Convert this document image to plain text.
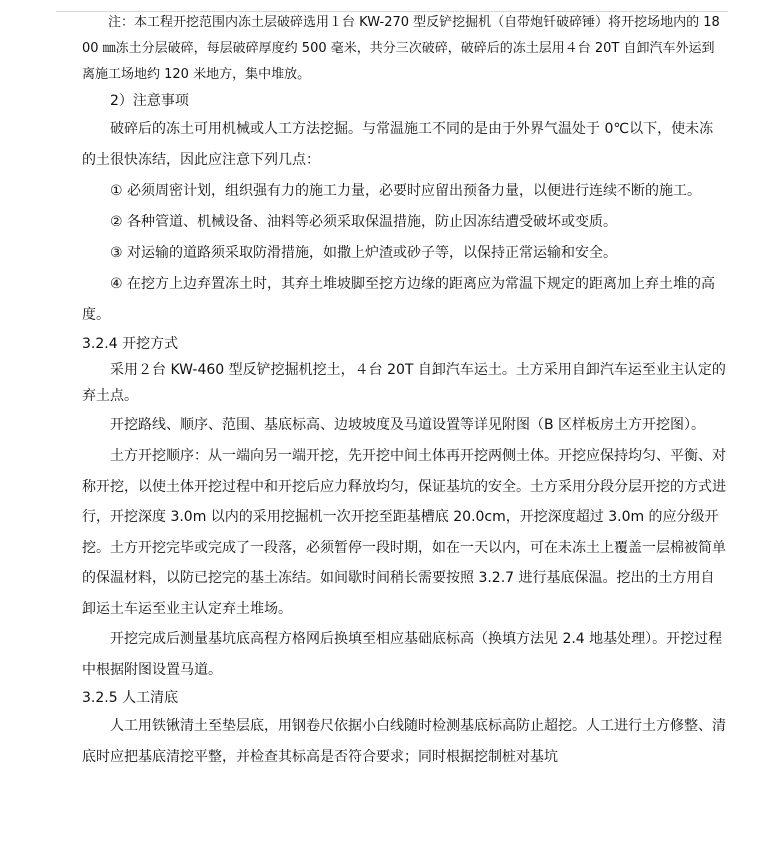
注：本工程开挖范围内冻土层破碎选用１台 KW-270 型反铲挖掘机（自带炮钎破碎锤）将开挖场地内的 1800 ㎜冻土分层破碎，每层破碎厚度约 500 毫米，共分三次破碎，破碎后的冻土层用４台 20T 自卸汽车外运到离施工场地约 120 米地方，集中堆放。

2）注意事项

破碎后的冻土可用机械或人工方法挖掘。与常温施工不同的是由于外界气温处于 0℃以下，使未冻的土很快冻结，因此应注意下列几点：

① 必须周密计划，组织强有力的施工力量，必要时应留出预备力量，以便进行连续不断的施工。

② 各种管道、机械设备、油料等必须采取保温措施，防止因冻结遭受破坏或变质。

③ 对运输的道路须采取防滑措施，如撒上炉渣或砂子等，以保持正常运输和安全。

④ 在挖方上边弃置冻土时，其弃土堆坡脚至挖方边缘的距离应为常温下规定的距离加上弃土堆的高度。

3.2.4 开挖方式

采用２台 KW-460 型反铲挖掘机挖土，４台 20T 自卸汽车运土。土方采用自卸汽车运至业主认定的弃土点。

开挖路线、顺序、范围、基底标高、边坡坡度及马道设置等详见附图（B 区样板房土方开挖图）。

土方开挖顺序：从一端向另一端开挖，先开挖中间土体再开挖两侧土体。开挖应保持均匀、平衡、对称开挖，以使土体开挖过程中和开挖后应力释放均匀，保证基坑的安全。土方采用分段分层开挖的方式进行，开挖深度 3.0m 以内的采用挖掘机一次开挖至距基槽底 20.0cm，开挖深度超过 3.0m 的应分级开挖。土方开挖完毕或完成了一段落，必须暂停一段时期，如在一天以内，可在未冻土上覆盖一层棉被简单的保温材料，以防已挖完的基土冻结。如间歇时间稍长需要按照 3.2.7 进行基底保温。挖出的土方用自卸运土车运至业主认定弃土堆场。

开挖完成后测量基坑底高程方格网后换填至相应基础底标高（换填方法见 2.4 地基处理）。开挖过程中根据附图设置马道。

3.2.5 人工清底

人工用铁锹清土至垫层底，用钢卷尺依据小白线随时检测基底标高防止超挖。人工进行土方修整、清底时应把基底清挖平整，并检查其标高是否符合要求；同时根据挖制桩对基坑
